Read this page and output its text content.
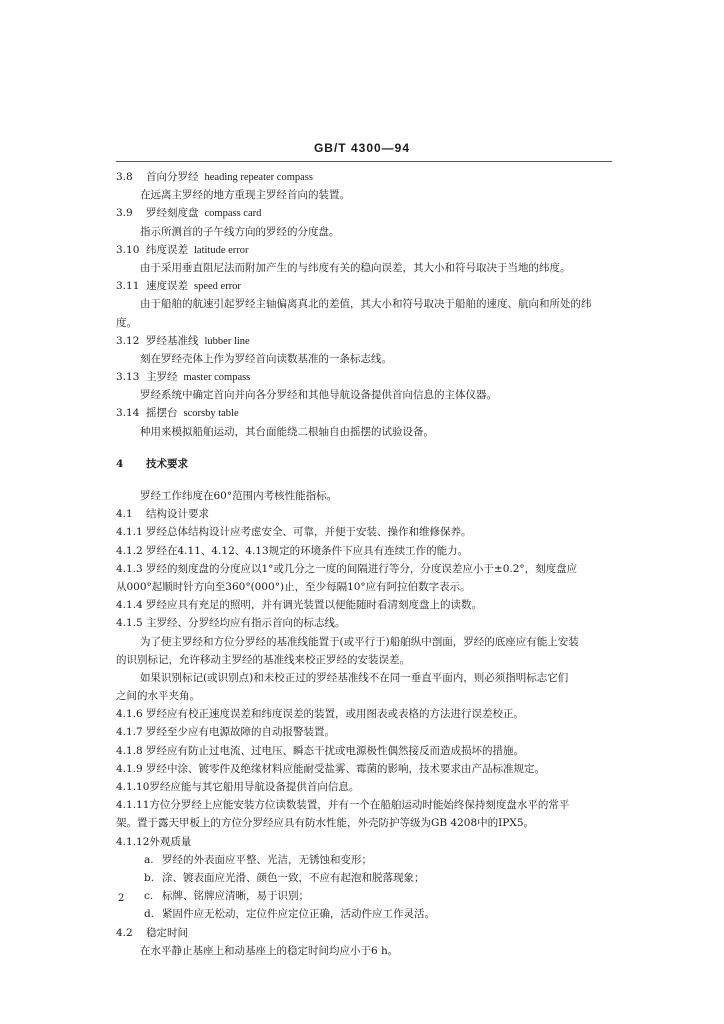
GB/T 4300—94
3.8 首向分罗经 heading repeater compass
在远离主罗经的地方重现主罗经首向的装置。
3.9 罗经刻度盘 compass card
指示所测首的子午线方向的罗经的分度盘。
3.10 纬度误差 latitude error
由于采用垂直阻尼法而附加产生的与纬度有关的稳向误差，其大小和符号取决于当地的纬度。
3.11 速度误差 speed error
由于船舶的航速引起罗经主轴偏离真北的差值，其大小和符号取决于船舶的速度、航向和所处的纬
度。
3.12 罗经基准线 lubber line
刻在罗经壳体上作为罗经首向读数基准的一条标志线。
3.13 主罗经 master compass
罗经系统中确定首向并向各分罗经和其他导航设备提供首向信息的主体仪器。
3.14 摇摆台 scorsby table
种用来模拟船舶运动，其台面能绕二根轴自由摇摆的试验设备。
4 技术要求
罗经工作纬度在60°范围内考核性能指标。
4.1 结构设计要求
4.1.1 罗经总体结构设计应考虑安全、可靠，并便于安装、操作和维修保养。
4.1.2 罗经在4.11、4.12、4.13规定的环境条件下应具有连续工作的能力。
4.1.3 罗经的刻度盘的分度应以1°或几分之一度的间隔进行等分，分度误差应小于±0.2°，刻度盘应
从000°起顺时针方向至360°(000°)止，至少每隔10°应有阿拉伯数字表示。
4.1.4 罗经应具有充足的照明，并有调光装置以便能随时看清刻度盘上的读数。
4.1.5 主罗经、分罗经均应有指示首向的标志线。
为了使主罗经和方位分罗经的基准线能置于(或平行于)船舶纵中剖面，罗经的底座应有能上安装
的识别标记，允许移动主罗经的基准线来校正罗经的安装误差。
如果识别标记(或识别点)和未校正过的罗经基准线不在同一垂直平面内，则必须指明标志它们
之间的水平夹角。
4.1.6 罗经应有校正速度误差和纬度误差的装置，或用图表或表格的方法进行误差校正。
4.1.7 罗经至少应有电源故障的自动报警装置。
4.1.8 罗经应有防止过电流、过电压、瞬态干扰或电源极性偶然接反而造成损坏的措施。
4.1.9 罗经中涂、镀零件及绝缘材料应能耐受盐雾、霉菌的影响，技术要求由产品标准规定。
4.1.10罗经应能与其它船用导航设备提供首向信息。
4.1.11方位分罗经上应能安装方位读数装置，并有一个在船舶运动时能始终保持刻度盘水平的常平
架。置于露天甲板上的方位分罗经应具有防水性能，外壳防护等级为GB 4208中的IPX5。
4.1.12外观质量
a. 罗经的外表面应平整、光洁，无锈蚀和变形；
b. 涂、镀表面应光滑、颜色一致，不应有起泡和脱落现象；
c. 标牌、铭牌应清晰，易于识别；
d. 紧固件应无松动，定位件应定位正确，活动件应工作灵活。
4.2 稳定时间
在水平静止基座上和动基座上的稳定时间均应小于6 h。
2
